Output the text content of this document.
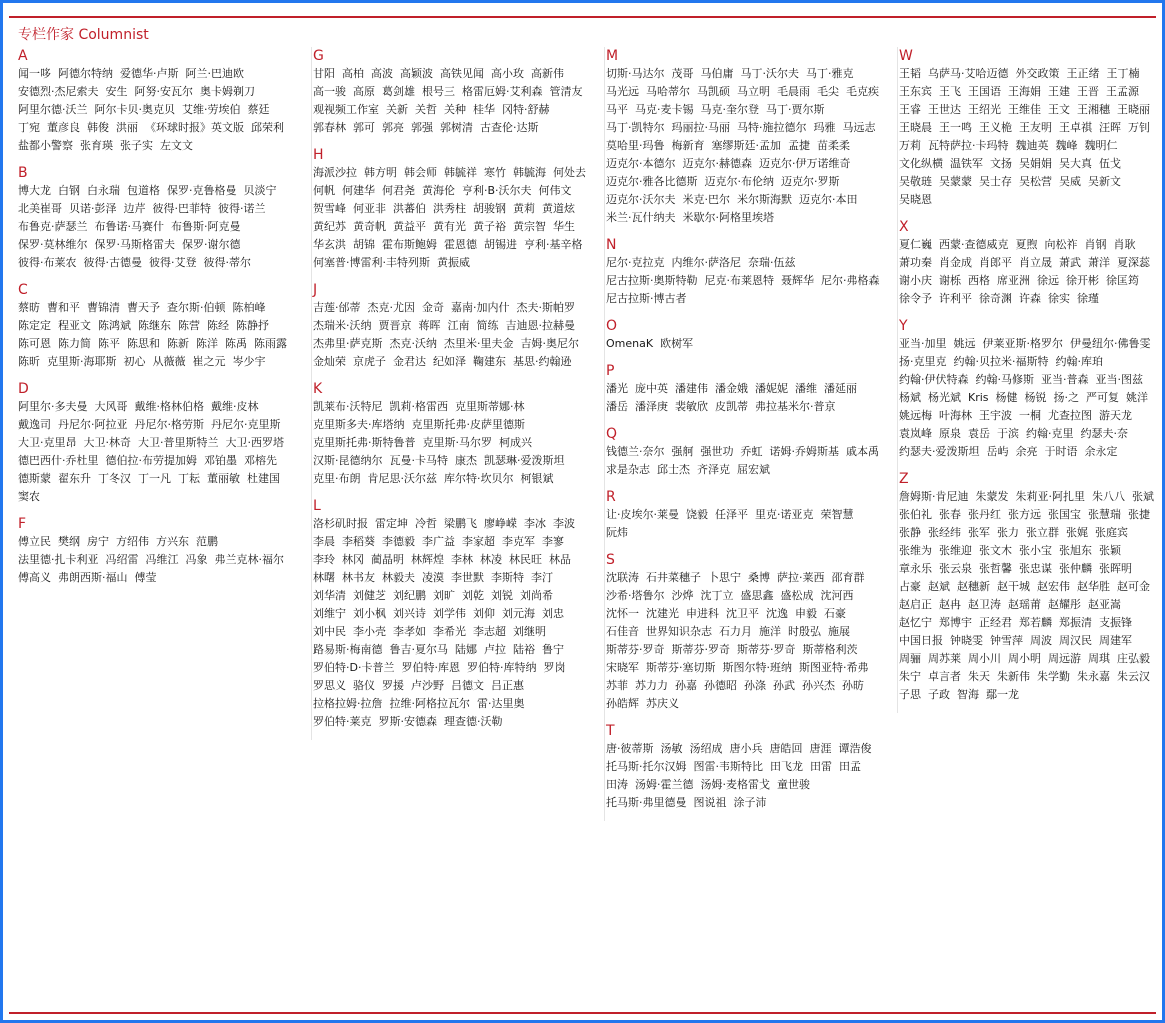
专栏作家 Columnist
A
闻一哆 阿德尔特纳 爱德华·卢斯 阿兰·巴迪欧安德烈·杰尼索夫 安生 阿努·安瓦尔 奥卡姆剃刀阿里尔德·沃兰 阿尔卡贝·奥克贝 艾维·劳埃伯 蔡廷丁宛 董彦良 韩俊 洪丽 《环球时报》英文版 邱荣利盐都小警察 张育瑛 张子实 左文文
B
博大龙 白钢 白永瑞 包道格 保罗·克鲁格曼 贝淡宁北美崔哥 贝诺·彭泽 边芹 彼得·巴菲特 彼得·诺兰布鲁克·萨瑟兰 布鲁诺·马赛什 布鲁斯·阿克曼保罗·莫林维尔 保罗·马斯格雷夫 保罗·谢尔德彼得·布莱农 彼得·古德曼 彼得·艾登 彼得·蒂尔
C
蔡昉 曹和平 曹锦清 曹天予 查尔斯·伯顿 陈柏峰陈定定 程亚文 陈鸿斌 陈继东 陈营 陈经 陈静抒陈可恩 陈力简 陈平 陈思和 陈新 陈洋 陈禹 陈雨露陈昕 克里斯·海耶斯 初心 从薇薇 崔之元 岑少宇
D
阿里尔·多夫曼 大风哥 戴维·格林伯格 戴维·皮林戴逸司 丹尼尔·阿拉亚 丹尼尔·格劳斯 丹尼尔·克里斯大卫·克里昂 大卫·林奇 大卫·普里斯特兰 大卫·西罗塔德巴西什·乔杜里 德伯拉·布劳提加姆 邓铂墨 邓榕先德斯蒙 翟东升 丁冬汉 丁一凡 丁耘 董丽敏 杜建国窦农
F
傅立民 樊纲 房宁 方绍伟 方兴东 范鹏法里德·扎卡利亚 冯绍雷 冯维江 冯象 弗兰克林·福尔傅高义 弗朗西斯·福山 傅莹
G
甘阳 高柏 高波 高颖波 高铁见闻 高小玫 高新伟高一骏 高原 葛剑雄 根号三 格雷厄姆·艾利森 管清友观视频工作室 关新 关哲 关种 桂华 冈特·舒赫郭春林 郭可 郭亮 郭强 郭树清 古查伦·达斯
H
海派沙拉 韩方明 韩会师 韩毓祥 寒竹 韩毓海 何处去何帆 何建华 何君尧 黄海伦 亨利·B·沃尔夫 何伟文贺雪峰 何亚非 洪蕃伯 洪秀柱 胡骏钢 黄莉 黄道炫黄纪苏 黄奇帆 黄益平 黄有光 黄子裕 黄宗智 华生华玄洪 胡锦 霍布斯鲍姆 霍恩德 胡锡进 亨利·基辛格何塞普·博雷利·丰特列斯 黄振威
J
吉莲·邰蒂 杰克·尤因 金奇 嘉南·加内什 杰夫·斯帕罗杰瑞米·沃纳 贾晋京 蒋晖 江南 简练 吉迪恩·拉赫曼杰弗里·萨克斯 杰克·沃纳 杰里米·里夫金 吉姆·奥尼尔金灿荣 京虎子 金君达 纪如泽 鞠建东 基思·约翰逊
K
凯莱布·沃特尼 凯莉·格雷西 克里斯蒂娜·林克里斯多夫·库塔纳 克里斯托弗·皮萨里德斯克里斯托弗·斯特鲁普 克里斯·马尔罗 柯成兴汉斯·昆德纳尔 瓦曼·卡马特 康杰 凯瑟琳·爱泼斯坦克里·布朗 肯尼思·沃尔兹 库尔特·坎贝尔 柯银斌
L
洛杉矶时报 雷定坤 冷哲 梁鹏飞 廖峥嵘 李冰 李波李晨 李稻葵 李德毅 李广益 李家超 李克军 李寥李玲 林冈 蔺晶明 林辉煌 李林 林凌 林民旺 林品林曙 林书友 林毅夫 凌漠 李世默 李斯特 李汀刘华清 刘健芝 刘纪鹏 刘旷 刘乾 刘锐 刘尚希刘维宁 刘小枫 刘兴诗 刘学伟 刘仰 刘元海 刘忠刘中民 李小壳 李孝如 李希光 李志超 刘继明路易斯·梅南德 鲁吉·夏尔马 陆娜 卢拉 陆裕 鲁宁罗伯特·D·卡普兰 罗伯特·库恩 罗伯特·库特纳 罗岗罗思义 骆仪 罗援 卢沙野 吕德文 吕正惠拉格拉姆·拉詹 拉维·阿格拉瓦尔 雷·达里奥罗伯特·莱克 罗斯·安德森 理查德·沃勒
M
切斯·马达尔 茂哥 马伯庸 马丁·沃尔夫 马丁·雅克马光远 马哈蒂尔 马凯硕 马立明 毛晨雨 毛尖 毛克疾马平 马克·麦卡锡 马克·奎尔登 马丁·贾尔斯马丁·凯特尔 玛丽拉·马丽 马特·施拉德尔 玛雅 马远志莫哈里·玛鲁 梅新育 塞缪斯廷·孟加 孟捷 苗柔柔迈克尔·本德尔 迈克尔·赫德森 迈克尔·伊万诺维奇迈克尔·雅各比德斯 迈克尔·布伦纳 迈克尔·罗斯迈克尔·沃尔夫 米克·巴尔 米尔斯海默 迈克尔·本田米兰·瓦什纳夫 米歇尔·阿格里埃塔
N
尼尔·克拉克 内维尔·萨洛尼 奈瑞·伍兹尼古拉斯·奥斯特勒 尼克·布莱恩特 聂辉华 尼尔·弗格森尼古拉斯·博古者
O
OmenaK 欧树军
P
潘光 庞中英 潘建伟 潘金娥 潘妮妮 潘维 潘延丽潘岳 潘泽庚 裴敏欣 皮凯蒂 弗拉基米尔·普京
Q
钱德兰·奈尔 强舸 强世功 乔虹 诺姆·乔姆斯基 戚本禹求是杂志 邱士杰 齐泽克 屈宏斌
R
让·皮埃尔·莱曼 饶毅 任泽平 里克·诺亚克 荣智慧阮炜
S
沈联涛 石井菜穗子 卜思宁 桑博 萨拉·莱西 邵育群沙希·塔鲁尔 沙烨 沈丁立 盛思鑫 盛松成 沈河西沈怀一 沈建光 申进科 沈卫平 沈逸 申毅 石豪石佳音 世界知识杂志 石力月 施洋 时殷弘 施展斯蒂芬·罗奇 斯蒂芬·罗奇 斯蒂芬·罗奇 斯蒂格利茨宋晓军 斯蒂芬·塞切斯 斯图尔特·班纳 斯图亚特·希弗苏菲 苏力力 孙嘉 孙德昭 孙涤 孙武 孙兴杰 孙昉孙皓辉 苏庆义
T
唐·彼蒂斯 汤敏 汤绍成 唐小兵 唐皓回 唐涯 谭浩俊托马斯·托尔汉姆 图雷·韦斯特比 田飞龙 田雷 田孟田涛 汤姆·霍兰德 汤姆·麦格雷戈 童世骏托马斯·弗里德曼 图说祖 涂子沛
W
王韬 乌萨马·艾哈迈德 外交政策 王正绪 王丁楠王东宾 王飞 王国语 王海娟 王建 王晋 王孟源王睿 王世达 王绍光 王维佳 王文 王湘穗 王晓丽王晓晨 王一鸣 王义桅 王友明 王卓祺 汪晖 万钊万莉 瓦特萨拉·卡玛特 魏迪英 魏峰 魏明仁文化纵横 温铁军 文扬 吴娟娟 吴大真 伍戈吴敬琏 吴蒙蒙 吴士存 吴松营 吴威 吴新文吴晓恩
X
夏仁巍 西蒙·查德威克 夏煦 向松祚 肖钢 肖耿萧功秦 肖金成 肖郎平 肖立晟 萧武 萧洋 夏深蕊谢小庆 谢栎 西格 席亚洲 徐远 徐开彬 徐匡筠徐令予 许利平 徐奇渊 许森 徐实 徐瑾
Y
亚当·加里 姚远 伊莱亚斯·格罗尔 伊曼纽尔·佛鲁雯扬·克里克 约翰·贝拉米·福斯特 约翰·库珀约翰·伊伏特森 约翰·马修斯 亚当·普森 亚当·图兹杨斌 杨光斌 Kris 杨健 杨锐 扬·之 严可复 姚洋姚远梅 叶海林 王宇波 一桐 尤查拉图 游天龙袁岚峰 原泉 袁岳 于滨 约翰·克里 约瑟夫·奈约瑟夫·爱泼斯坦 岳屿 余亮 于时语 余永定
Z
詹姆斯·肯尼迪 朱蒙发 朱莉亚·阿扎里 朱八八 张斌张伯礼 张春 张丹红 张方远 张国宝 张慧瑞 张捷张静 张经纬 张军 张力 张立群 张娓 张庭宾张维为 张维迎 张文木 张小宝 张旭东 张颖章永乐 张云泉 张哲馨 张忠谋 张仲麟 张晖明占豪 赵斌 赵穗新 赵干城 赵宏伟 赵华胜 赵可金赵启正 赵冉 赵卫涛 赵瑶莆 赵耀彤 赵亚嵩赵忆宁 郑博宇 正经君 郑若麟 郑振清 支振锋中国日报 钟晓雯 钟雪萍 周波 周汉民 周建军周骊 周苏莱 周小川 周小明 周远游 周琪 庄弘毅朱宁 卓言者 朱天 朱新伟 朱学勤 朱永嘉 朱云汉子思 子政 智海 鄢一龙
